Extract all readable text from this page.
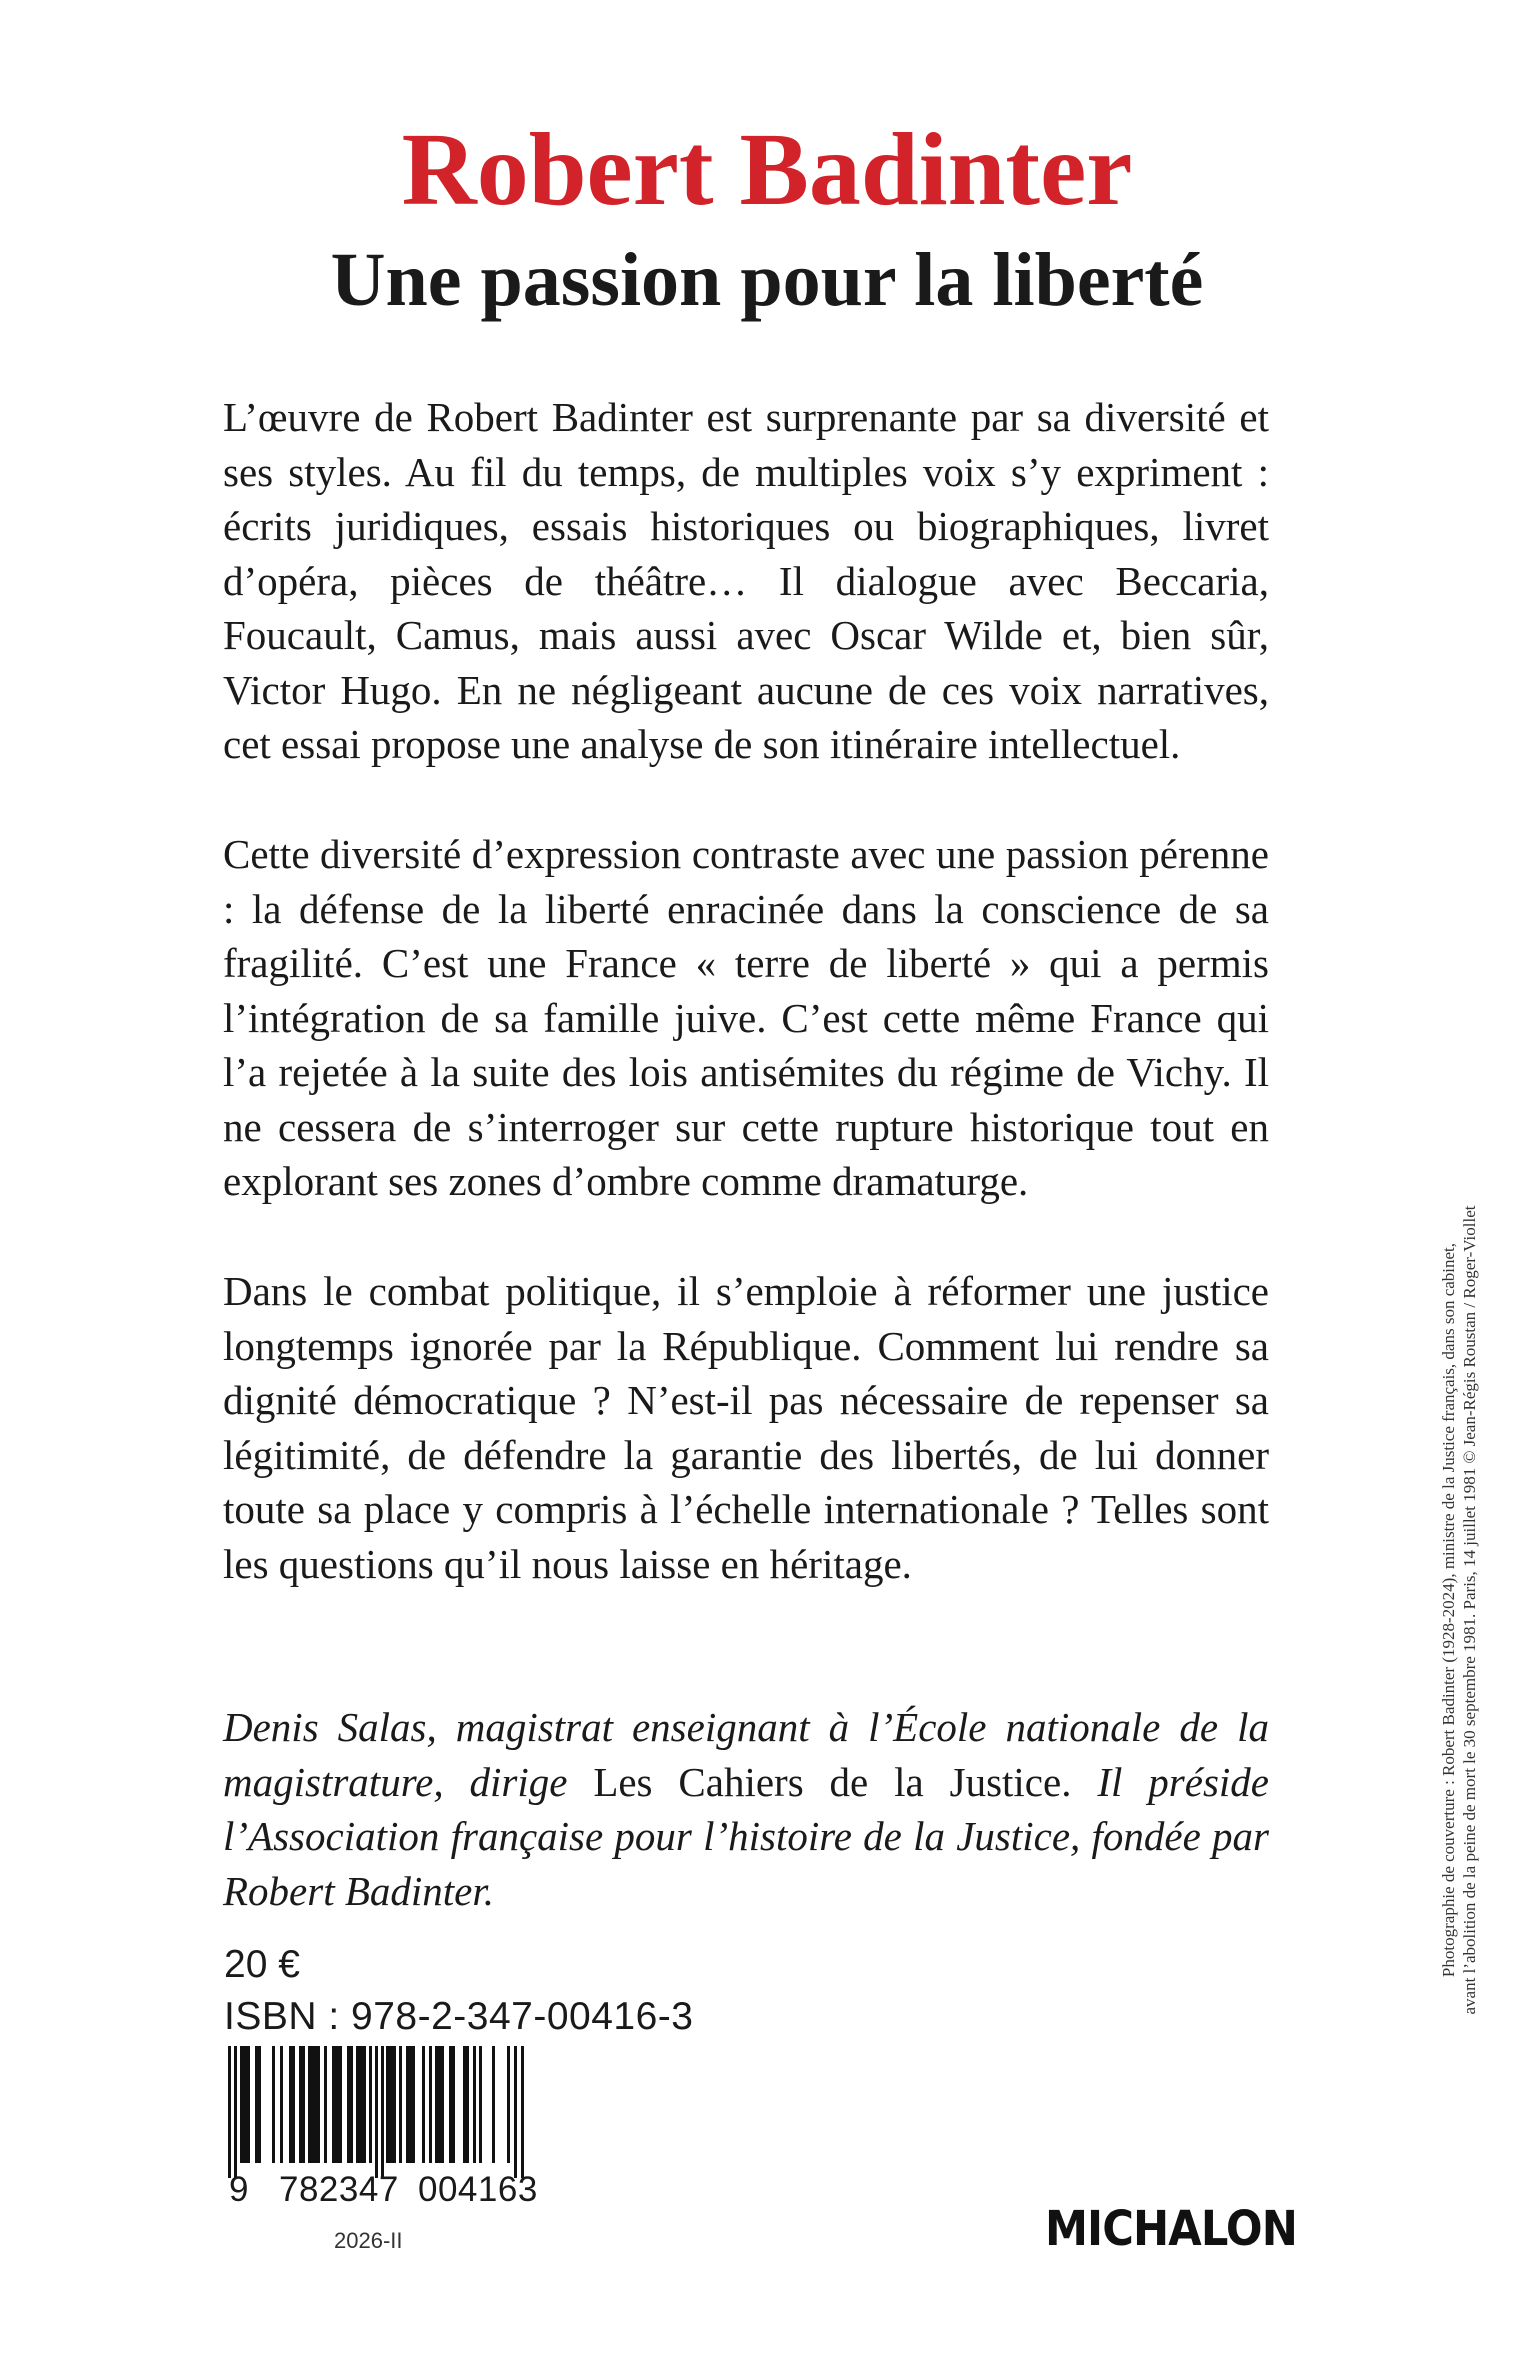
Robert Badinter
Une passion pour la liberté

L’œuvre de Robert Badinter est surprenante par sa diversité et ses styles. Au fil du temps, de multiples voix s’y expriment : écrits juridiques, essais historiques ou biographiques, livret d’opéra, pièces de théâtre… Il dialogue avec Beccaria, Foucault, Camus, mais aussi avec Oscar Wilde et, bien sûr, Victor Hugo. En ne négligeant aucune de ces voix narratives, cet essai propose une analyse de son itinéraire intellectuel.

Cette diversité d’expression contraste avec une passion pérenne : la défense de la liberté enracinée dans la conscience de sa fragilité. C’est une France « terre de liberté » qui a permis l’intégration de sa famille juive. C’est cette même France qui l’a rejetée à la suite des lois antisémites du régime de Vichy. Il ne cessera de s’interroger sur cette rupture historique tout en explorant ses zones d’ombre comme dramaturge.

Dans le combat politique, il s’emploie à réformer une justice longtemps ignorée par la République. Comment lui rendre sa dignité démocratique ? N’est-il pas nécessaire de repenser sa légitimité, de défendre la garantie des libertés, de lui donner toute sa place y compris à l’échelle internationale ? Telles sont les questions qu’il nous laisse en héritage.

Denis Salas, magistrat enseignant à l’École nationale de la magistrature, dirige Les Cahiers de la Justice. Il préside l’Association française pour l’histoire de la Justice, fondée par Robert Badinter.

20 €
ISBN : 978-2-347-00416-3
9 782347 004163
2026-II	MICHALON
Photographie de couverture : Robert Badinter (1928-2024), ministre de la Justice français, dans son cabinet, avant l’abolition de la peine de mort le 30 septembre 1981. Paris, 14 juillet 1981 © Jean-Régis Roustan / Roger-Viollet
